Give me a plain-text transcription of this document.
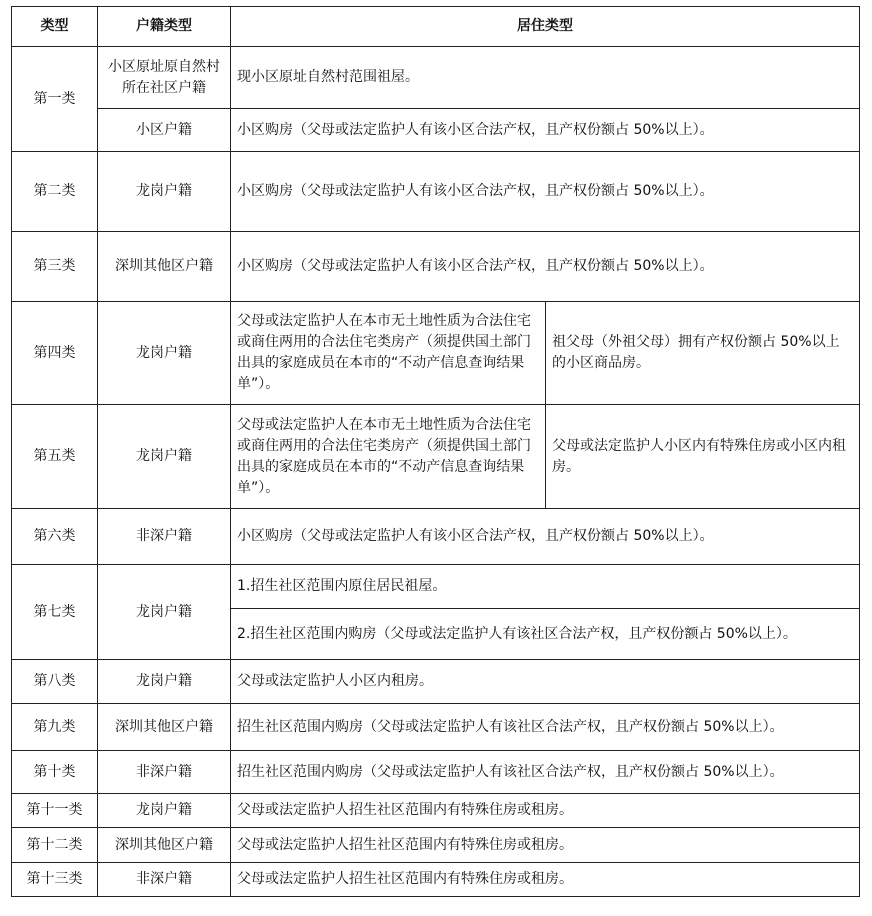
类型	户籍类型	居住类型	
第一类	小区原址原自然村所在社区户籍	现小区原址自然村范围祖屋。	
	小区户籍	小区购房（父母或法定监护人有该小区合法产权，且产权份额占 50%以上）。	
第二类	龙岗户籍	小区购房（父母或法定监护人有该小区合法产权，且产权份额占 50%以上）。	
第三类	深圳其他区户籍	小区购房（父母或法定监护人有该小区合法产权，且产权份额占 50%以上）。	
第四类	龙岗户籍	父母或法定监护人在本市无土地性质为合法住宅或商住两用的合法住宅类房产（须提供国土部门出具的家庭成员在本市的“不动产信息查询结果单”）。	祖父母（外祖父母）拥有产权份额占 50%以上的小区商品房。
第五类	龙岗户籍	父母或法定监护人在本市无土地性质为合法住宅或商住两用的合法住宅类房产（须提供国土部门出具的家庭成员在本市的“不动产信息查询结果单”）。	父母或法定监护人小区内有特殊住房或小区内租房。
第六类	非深户籍	小区购房（父母或法定监护人有该小区合法产权，且产权份额占 50%以上）。	
第七类	龙岗户籍	1.招生社区范围内原住居民祖屋。	
		2.招生社区范围内购房（父母或法定监护人有该社区合法产权，且产权份额占 50%以上）。	
第八类	龙岗户籍	父母或法定监护人小区内租房。	
第九类	深圳其他区户籍	招生社区范围内购房（父母或法定监护人有该社区合法产权，且产权份额占 50%以上）。	
第十类	非深户籍	招生社区范围内购房（父母或法定监护人有该社区合法产权，且产权份额占 50%以上）。	
第十一类	龙岗户籍	父母或法定监护人招生社区范围内有特殊住房或租房。	
第十二类	深圳其他区户籍	父母或法定监护人招生社区范围内有特殊住房或租房。	
第十三类	非深户籍	父母或法定监护人招生社区范围内有特殊住房或租房。	
